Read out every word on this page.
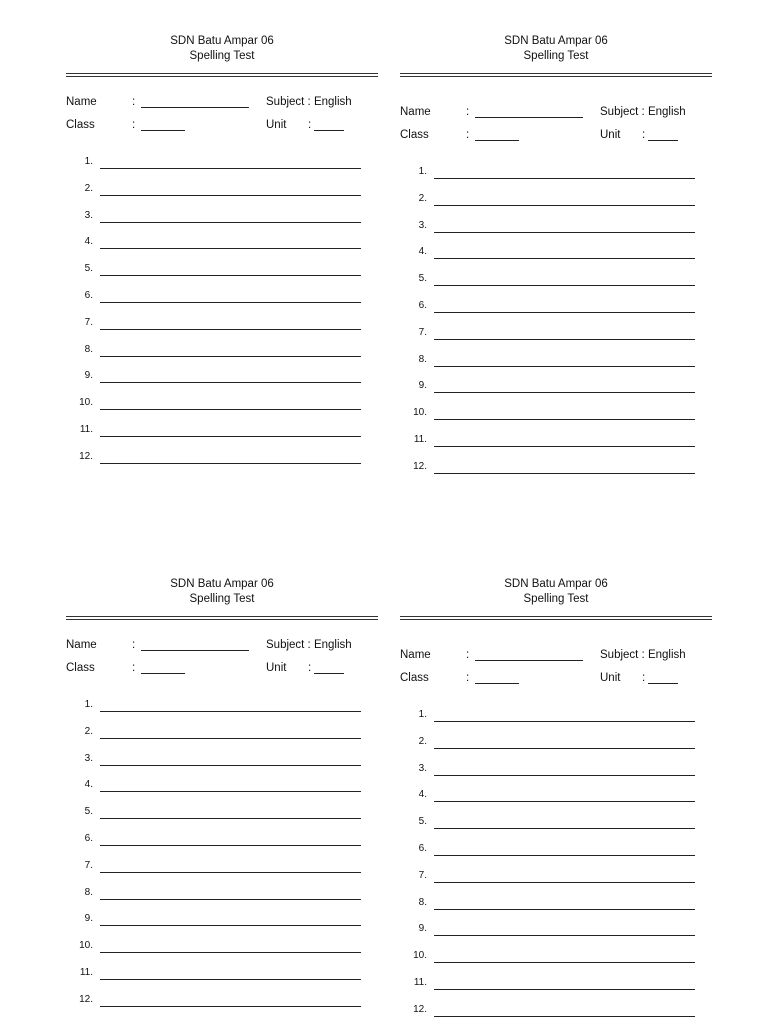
SDN Batu Ampar 06
Spelling Test
Name	:	Subject : English
Class	:	Unit :
1.
2.
3.
4.
5.
6.
7.
8.
9.
10.
11.
12.
SDN Batu Ampar 06
Spelling Test
Name	:	Subject : English
Class	:	Unit :
1.
2.
3.
4.
5.
6.
7.
8.
9.
10.
11.
12.
SDN Batu Ampar 06
Spelling Test
Name	:	Subject : English
Class	:	Unit :
1.
2.
3.
4.
5.
6.
7.
8.
9.
10.
11.
12.
SDN Batu Ampar 06
Spelling Test
Name	:	Subject : English
Class	:	Unit :
1.
2.
3.
4.
5.
6.
7.
8.
9.
10.
11.
12.
